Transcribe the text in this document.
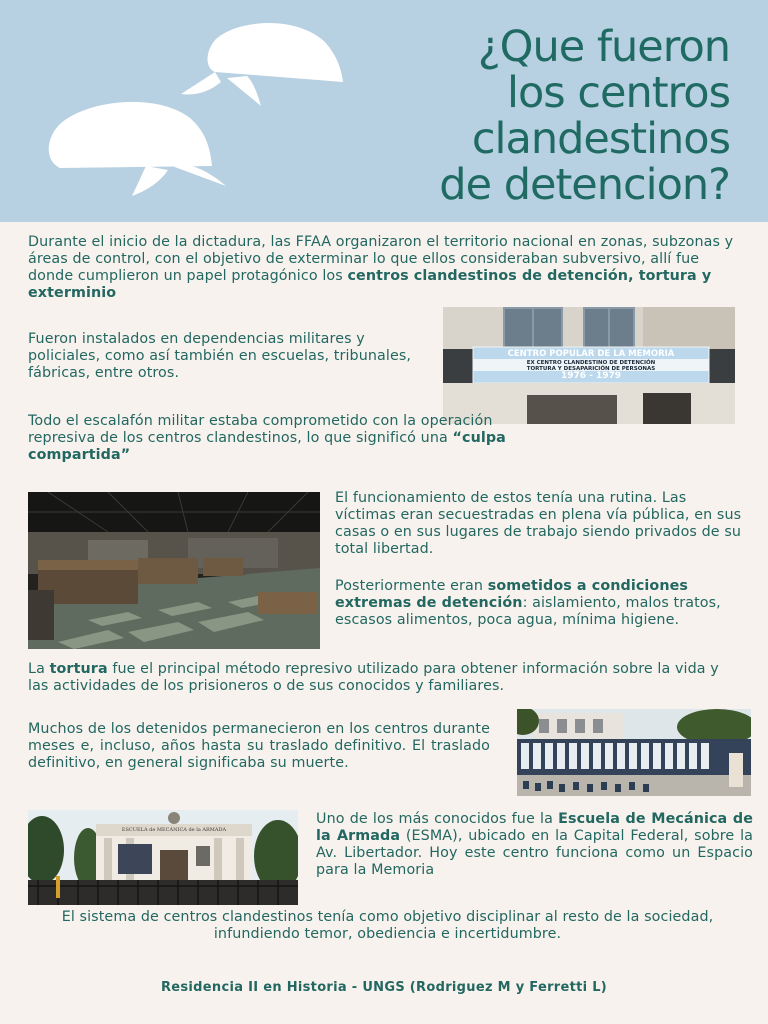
¿Que fueron
los centros
clandestinos
de detencion?

Durante el inicio de la dictadura, las FFAA organizaron el territorio nacional en zonas, subzonas y áreas de control, con el objetivo de exterminar lo que ellos consideraban subversivo, allí fue donde cumplieron un papel protagónico los centros clandestinos de detención, tortura y exterminio

Fueron instalados en dependencias militares y policiales, como así también en escuelas, tribunales, fábricas, entre otros.

CENTRO POPULAR DE LA MEMORIA
EX CENTRO CLANDESTINO DE DETENCIÓN
TORTURA Y DESAPARICIÓN DE PERSONAS
1976 - 1979

Todo el escalafón militar estaba comprometido con la operación represiva de los centros clandestinos, lo que significó una “culpa compartida”

El funcionamiento de estos tenía una rutina. Las víctimas eran secuestradas en plena vía pública, en sus casas o en sus lugares de trabajo siendo privados de su total libertad.

Posteriormente eran sometidos a condiciones extremas de detención: aislamiento, malos tratos, escasos alimentos, poca agua, mínima higiene.

La tortura fue el principal método represivo utilizado para obtener información sobre la vida y las actividades de los prisioneros o de sus conocidos y familiares.

Muchos de los detenidos permanecieron en los centros durante meses e, incluso, años hasta su traslado definitivo. El traslado definitivo, en general significaba su muerte.

ESCUELA de MECÁNICA de la ARMADA

Uno de los más conocidos fue la Escuela de Mecánica de la Armada (ESMA), ubicado en la Capital Federal, sobre la Av. Libertador. Hoy este centro funciona como un Espacio para la Memoria

El sistema de centros clandestinos tenía como objetivo disciplinar al resto de la sociedad, infundiendo temor, obediencia e incertidumbre.

Residencia II en Historia - UNGS (Rodriguez M y Ferretti L)
